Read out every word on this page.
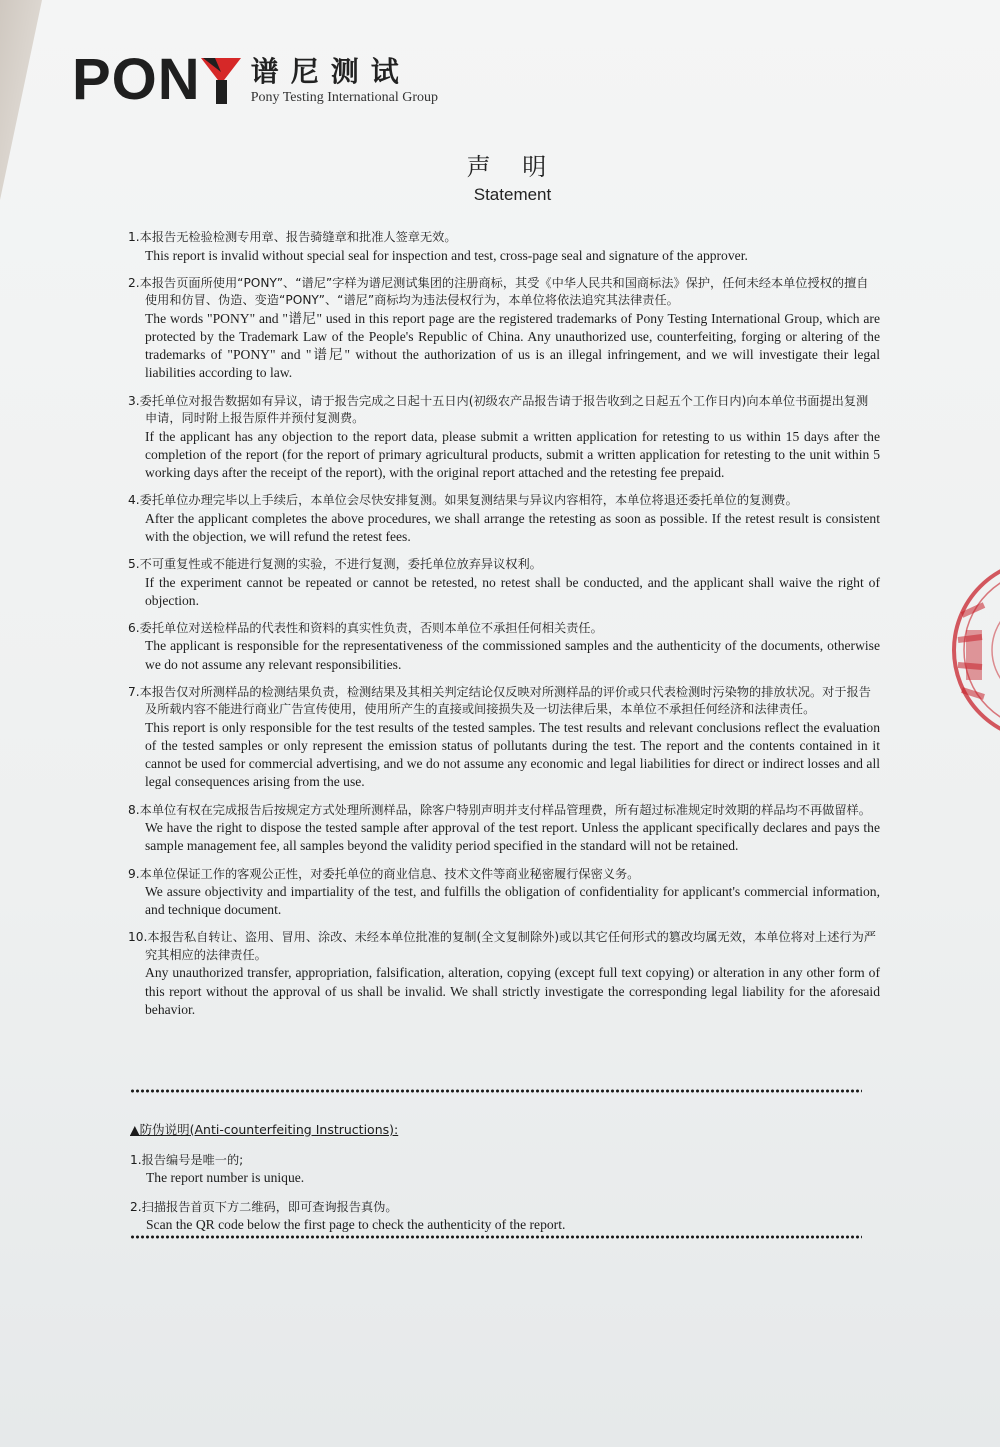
PON 谱尼测试
Pony Testing International Group
声 明
Statement
1.本报告无检验检测专用章、报告骑缝章和批准人签章无效。
This report is invalid without special seal for inspection and test, cross-page seal and signature of the approver.
2.本报告页面所使用“PONY”、“谱尼”字样为谱尼测试集团的注册商标，其受《中华人民共和国商标法》保护，任何未经本单位授权的擅自使用和仿冒、伪造、变造“PONY”、“谱尼”商标均为违法侵权行为，本单位将依法追究其法律责任。
The words "PONY" and "谱尼" used in this report page are the registered trademarks of Pony Testing International Group, which are protected by the Trademark Law of the People's Republic of China. Any unauthorized use, counterfeiting, forging or altering of the trademarks of "PONY" and "谱尼" without the authorization of us is an illegal infringement, and we will investigate their legal liabilities according to law.
3.委托单位对报告数据如有异议，请于报告完成之日起十五日内(初级农产品报告请于报告收到之日起五个工作日内)向本单位书面提出复测申请，同时附上报告原件并预付复测费。
If the applicant has any objection to the report data, please submit a written application for retesting to us within 15 days after the completion of the report (for the report of primary agricultural products, submit a written application for retesting to the unit within 5 working days after the receipt of the report), with the original report attached and the retesting fee prepaid.
4.委托单位办理完毕以上手续后，本单位会尽快安排复测。如果复测结果与异议内容相符，本单位将退还委托单位的复测费。
After the applicant completes the above procedures, we shall arrange the retesting as soon as possible. If the retest result is consistent with the objection, we will refund the retest fees.
5.不可重复性或不能进行复测的实验，不进行复测，委托单位放弃异议权利。
If the experiment cannot be repeated or cannot be retested, no retest shall be conducted, and the applicant shall waive the right of objection.
6.委托单位对送检样品的代表性和资料的真实性负责，否则本单位不承担任何相关责任。
The applicant is responsible for the representativeness of the commissioned samples and the authenticity of the documents, otherwise we do not assume any relevant responsibilities.
7.本报告仅对所测样品的检测结果负责，检测结果及其相关判定结论仅反映对所测样品的评价或只代表检测时污染物的排放状况。对于报告及所载内容不能进行商业广告宣传使用，使用所产生的直接或间接损失及一切法律后果，本单位不承担任何经济和法律责任。
This report is only responsible for the test results of the tested samples. The test results and relevant conclusions reflect the evaluation of the tested samples or only represent the emission status of pollutants during the test. The report and the contents contained in it cannot be used for commercial advertising, and we do not assume any economic and legal liabilities for direct or indirect losses and all legal consequences arising from the use.
8.本单位有权在完成报告后按规定方式处理所测样品，除客户特别声明并支付样品管理费，所有超过标准规定时效期的样品均不再做留样。
We have the right to dispose the tested sample after approval of the test report. Unless the applicant specifically declares and pays the sample management fee, all samples beyond the validity period specified in the standard will not be retained.
9.本单位保证工作的客观公正性，对委托单位的商业信息、技术文件等商业秘密履行保密义务。
We assure objectivity and impartiality of the test, and fulfills the obligation of confidentiality for applicant's commercial information, and technique document.
10.本报告私自转让、盗用、冒用、涂改、未经本单位批准的复制(全文复制除外)或以其它任何形式的篡改均属无效，本单位将对上述行为严究其相应的法律责任。
Any unauthorized transfer, appropriation, falsification, alteration, copying (except full text copying) or alteration in any other form of this report without the approval of us shall be invalid. We shall strictly investigate the corresponding legal liability for the aforesaid behavior.
▲防伪说明(Anti-counterfeiting Instructions):
1.报告编号是唯一的;
The report number is unique.
2.扫描报告首页下方二维码，即可查询报告真伪。
Scan the QR code below the first page to check the authenticity of the report.
